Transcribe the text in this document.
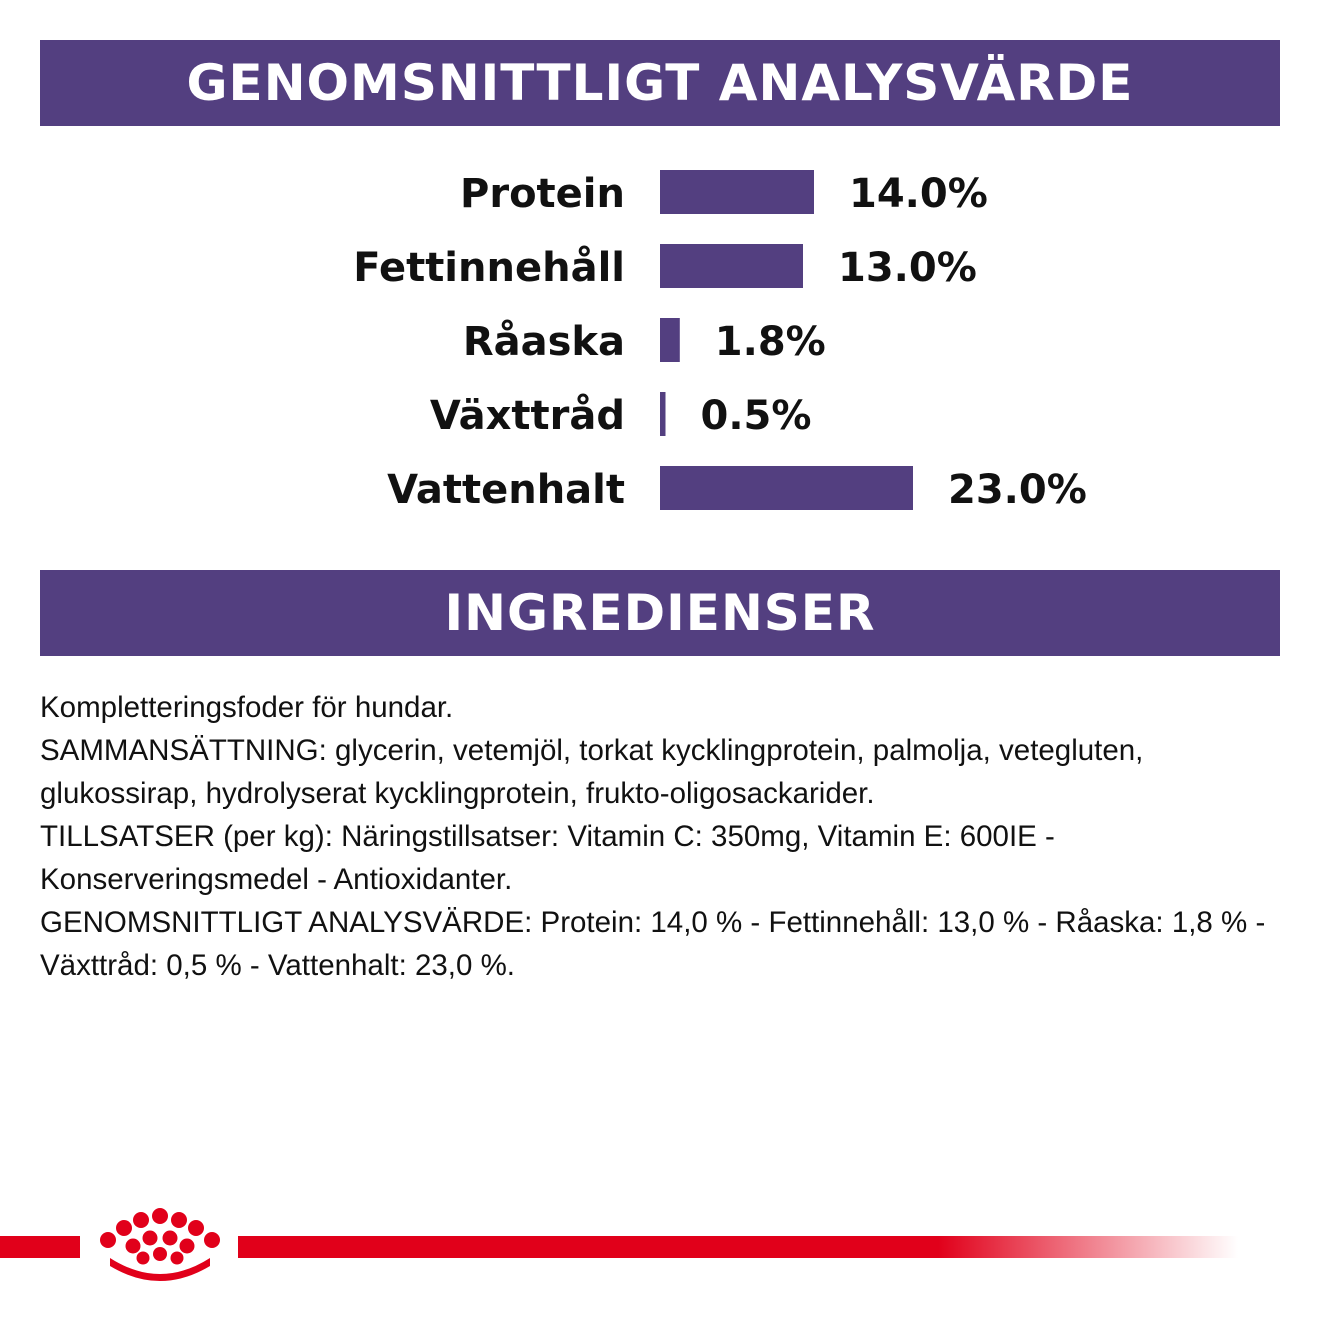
GENOMSNITTLIGT ANALYSVÄRDE
Protein	14.0%
Fettinnehåll	13.0%
Råaska 1.8%
Växttråd 0.5%
Vattenhalt	23.0%
INGREDIENSER

Kompletteringsfoder för hundar.

SAMMANSÄTTNING: glycerin, vetemjöl, torkat kycklingprotein, palmolja, vetegluten, glukossirap, hydrolyserat kycklingprotein, frukto-oligosackarider.

TILLSATSER (per kg): Näringstillsatser: Vitamin C: 350mg, Vitamin E: 600IE - Konserveringsmedel - Antioxidanter.

GENOMSNITTLIGT ANALYSVÄRDE: Protein: 14,0 % - Fettinnehåll: 13,0 % - Råaska: 1,8 % - Växttråd: 0,5 % - Vattenhalt: 23,0 %.
